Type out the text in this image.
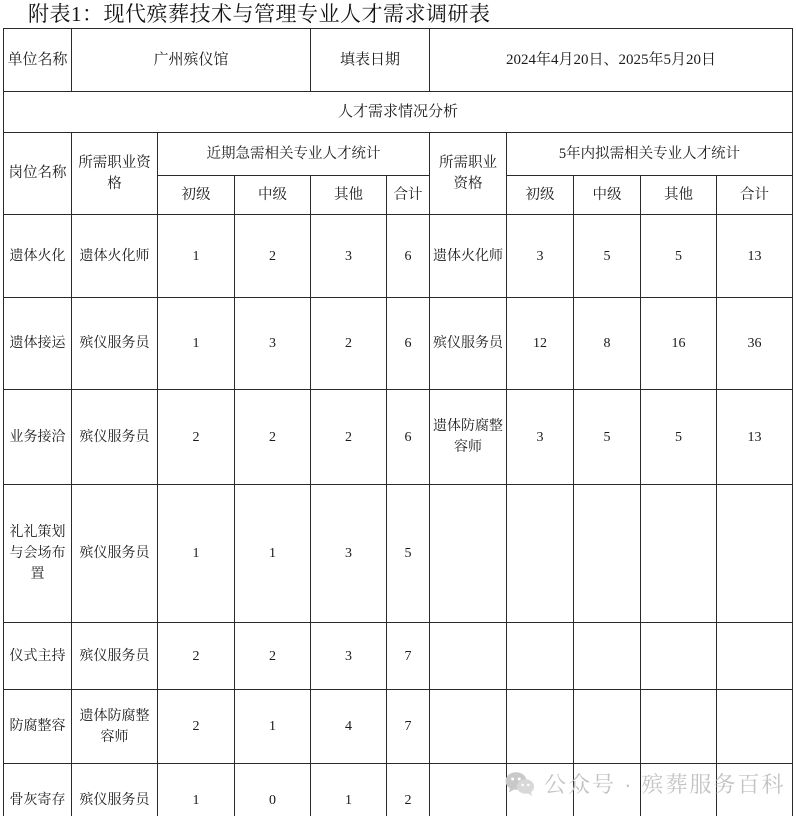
附表1：现代殡葬技术与管理专业人才需求调研表
单位名称	广州殡仪馆			填表日期		2024年4月20日、2025年5月20日				
人才需求情况分析										
岗位名称	所需职业资格	近期急需相关专业人才统计				所需职业资格	5年内拟需相关专业人才统计			
		初级	中级	其他	合计		初级	中级	其他	合计
遗体火化	遗体火化师	1	2	3	6	遗体火化师	3	5	5	13
遗体接运	殡仪服务员	1	3	2	6	殡仪服务员	12	8	16	36
业务接洽	殡仪服务员	2	2	2	6	遗体防腐整容师	3	5	5	13
礼礼策划与会场布置	殡仪服务员	1	1	3	5					
仪式主持	殡仪服务员	2	2	3	7					
防腐整容	遗体防腐整容师	2	1	4	7					
骨灰寄存	殡仪服务员	1	0	1	2					
公众号 · 殡葬服务百科
